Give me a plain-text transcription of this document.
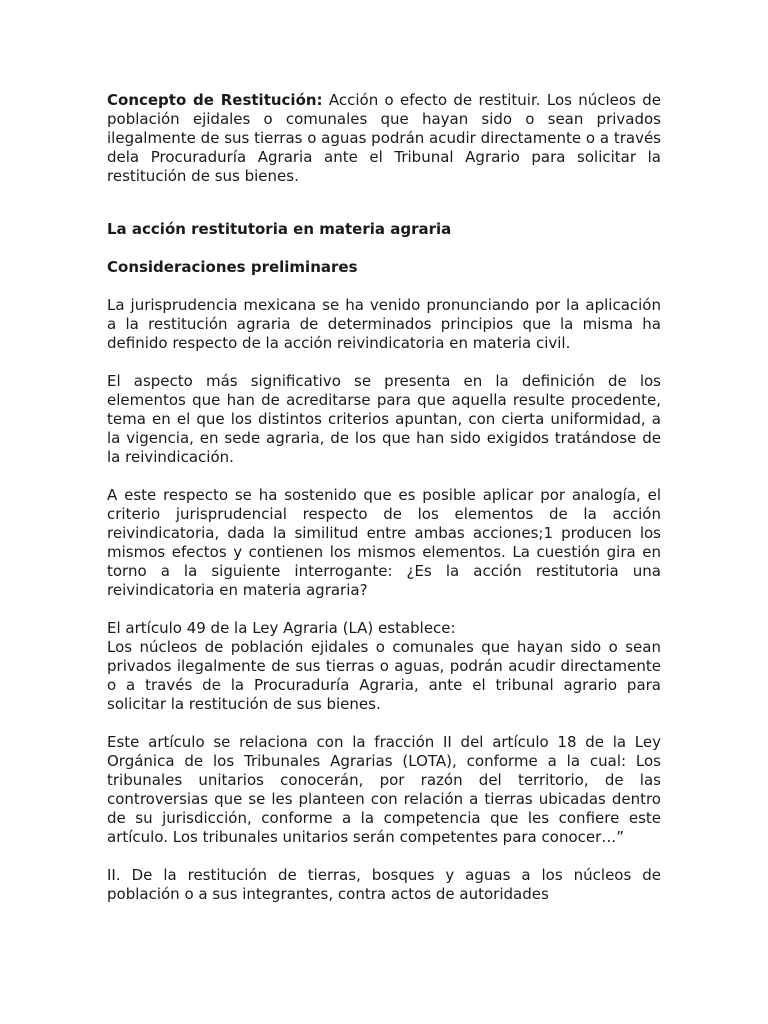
Concepto de Restitución: Acción o efecto de restituir. Los núcleos de población ejidales o comunales que hayan sido o sean privados ilegalmente de sus tierras o aguas podrán acudir directamente o a través dela Procuraduría Agraria ante el Tribunal Agrario para solicitar la restitución de sus bienes.

La acción restitutoria en materia agraria
Consideraciones preliminares

La jurisprudencia mexicana se ha venido pronunciando por la aplicación a la restitución agraria de determinados principios que la misma ha definido respecto de la acción reivindicatoria en materia civil.

El aspecto más significativo se presenta en la definición de los elementos que han de acreditarse para que aquella resulte procedente, tema en el que los distintos criterios apuntan, con cierta uniformidad, a la vigencia, en sede agraria, de los que han sido exigidos tratándose de la reivindicación.

A este respecto se ha sostenido que es posible aplicar por analogía, el criterio jurisprudencial respecto de los elementos de la acción reivindicatoria, dada la similitud entre ambas acciones;1 producen los mismos efectos y contienen los mismos elementos. La cuestión gira en torno a la siguiente interrogante: ¿Es la acción restitutoria una reivindicatoria en materia agraria?

El artículo 49 de la Ley Agraria (LA) establece:

Los núcleos de población ejidales o comunales que hayan sido o sean privados ilegalmente de sus tierras o aguas, podrán acudir directamente o a través de la Procuraduría Agraria, ante el tribunal agrario para solicitar la restitución de sus bienes.

Este artículo se relaciona con la fracción II del artículo 18 de la Ley Orgánica de los Tribunales Agrarias (LOTA), conforme a la cual: Los tribunales unitarios conocerán, por razón del territorio, de las controversias que se les planteen con relación a tierras ubicadas dentro de su jurisdicción, conforme a la competencia que les confiere este artículo. Los tribunales unitarios serán competentes para conocer…”

II. De la restitución de tierras, bosques y aguas a los núcleos de población o a sus integrantes, contra actos de autoridades
